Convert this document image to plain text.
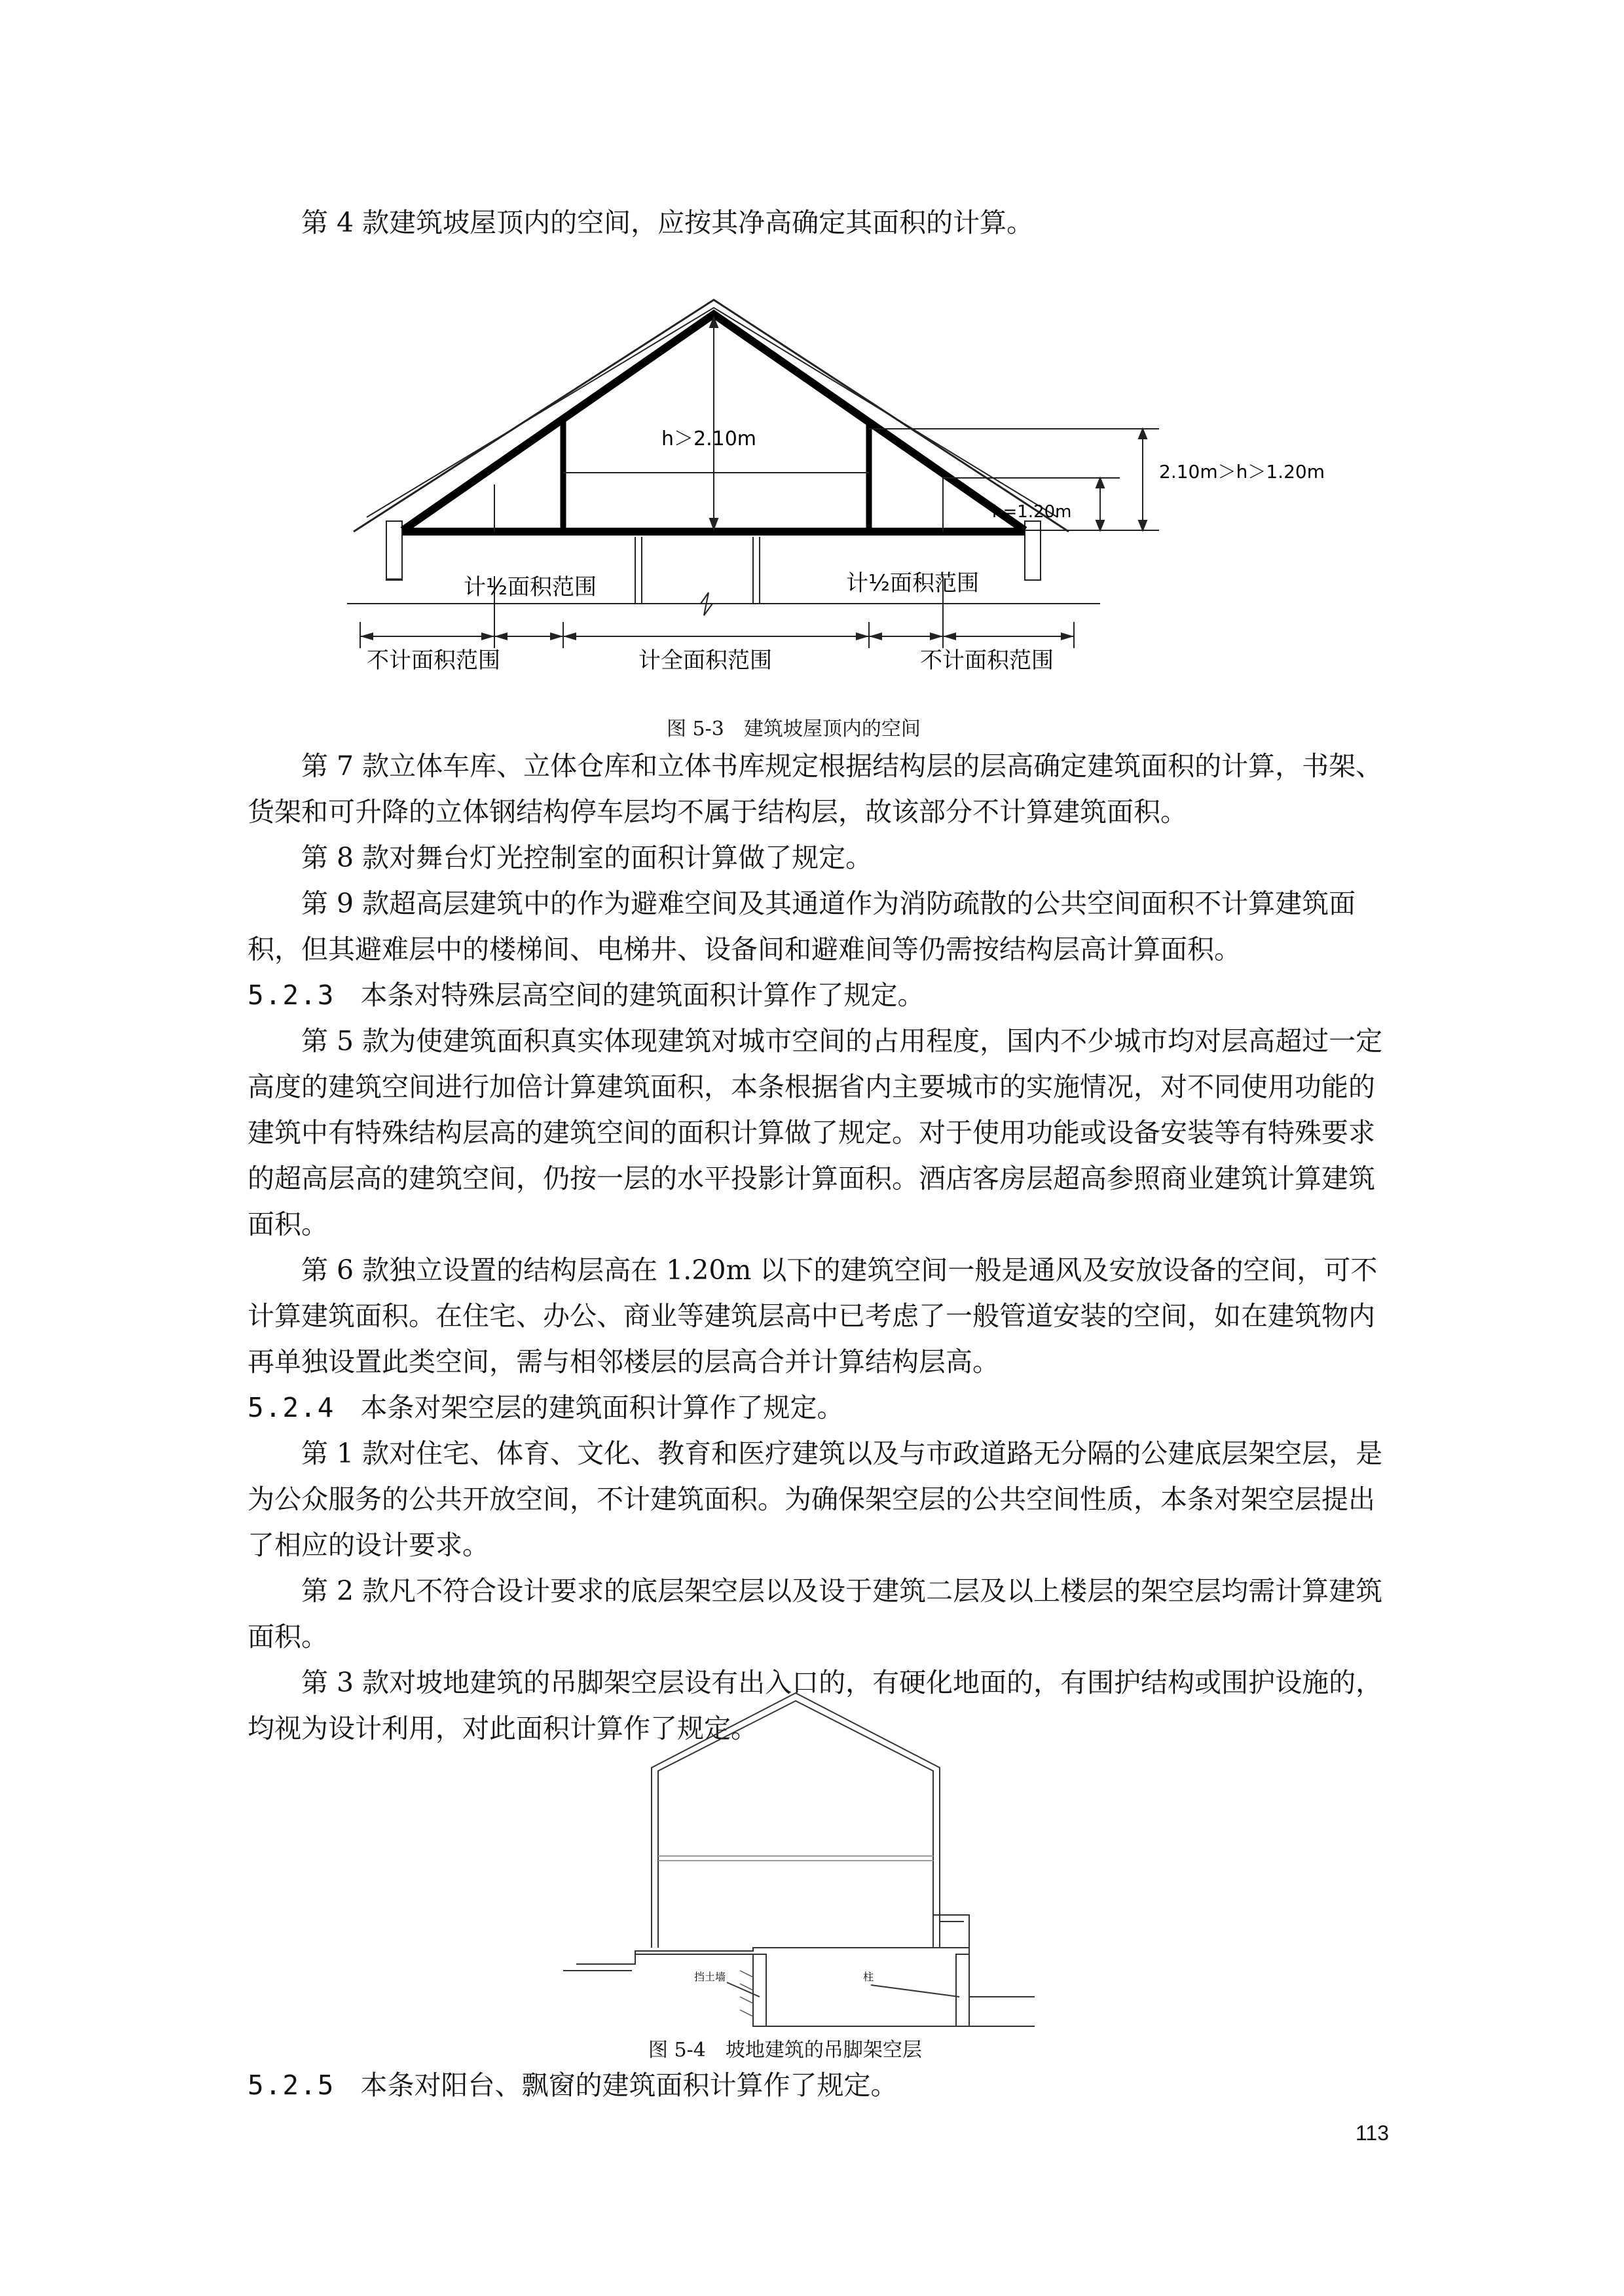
第 4 款建筑坡屋顶内的空间，应按其净高确定其面积的计算。

h＞2.10m
2.10m＞h＞1.20m
h=1.20m
计½面积范围	计½面积范围
不计面积范围	计全面积范围	不计面积范围

图 5-3　建筑坡屋顶内的空间

第 7 款立体车库、立体仓库和立体书库规定根据结构层的层高确定建筑面积的计算，书架、货架和可升降的立体钢结构停车层均不属于结构层，故该部分不计算建筑面积。

第 8 款对舞台灯光控制室的面积计算做了规定。

第 9 款超高层建筑中的作为避难空间及其通道作为消防疏散的公共空间面积不计算建筑面积，但其避难层中的楼梯间、电梯井、设备间和避难间等仍需按结构层高计算面积。

5.2.3 本条对特殊层高空间的建筑面积计算作了规定。

第 5 款为使建筑面积真实体现建筑对城市空间的占用程度，国内不少城市均对层高超过一定高度的建筑空间进行加倍计算建筑面积，本条根据省内主要城市的实施情况，对不同使用功能的建筑中有特殊结构层高的建筑空间的面积计算做了规定。对于使用功能或设备安装等有特殊要求的超高层高的建筑空间，仍按一层的水平投影计算面积。酒店客房层超高参照商业建筑计算建筑面积。

第 6 款独立设置的结构层高在 1.20m 以下的建筑空间一般是通风及安放设备的空间，可不计算建筑面积。在住宅、办公、商业等建筑层高中已考虑了一般管道安装的空间，如在建筑物内再单独设置此类空间，需与相邻楼层的层高合并计算结构层高。

5.2.4 本条对架空层的建筑面积计算作了规定。

第 1 款对住宅、体育、文化、教育和医疗建筑以及与市政道路无分隔的公建底层架空层，是为公众服务的公共开放空间，不计建筑面积。为确保架空层的公共空间性质，本条对架空层提出了相应的设计要求。

第 2 款凡不符合设计要求的底层架空层以及设于建筑二层及以上楼层的架空层均需计算建筑面积。

第 3 款对坡地建筑的吊脚架空层设有出入口的，有硬化地面的，有围护结构或围护设施的，均视为设计利用，对此面积计算作了规定。

挡土墙	柱

图 5-4　坡地建筑的吊脚架空层

5.2.5 本条对阳台、飘窗的建筑面积计算作了规定。

113
